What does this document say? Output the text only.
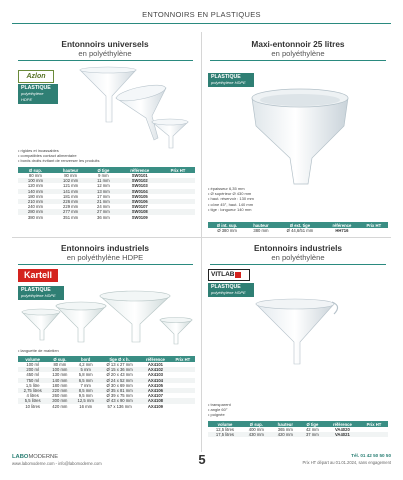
ENTONNOIRS EN PLASTIQUES
Entonnoirs universels
en polyéthylène
Azlon
PLASTIQUE
polyéthylène HDPE
• rigides et incassables
• compatibles contact alimentaire
• bords droits évitant de renverser les produits
Ø sup.	hauteur	Ø tige	référence	Prix HT
80 mm	80 mm	9 mm	SW0101	
100 mm	102 mm	11 mm	SW0102	
120 mm	121 mm	12 mm	SW0103	
140 mm	141 mm	13 mm	SW0104	
180 mm	181 mm	17 mm	SW0105	
210 mm	226 mm	21 mm	SW0106	
240 mm	229 mm	24 mm	SW0107	
280 mm	277 mm	27 mm	SW0108	
380 mm	351 mm	36 mm	SW0109	
Maxi-entonnoir 25 litres
en polyéthylène
PLASTIQUE
polyéthylène HDPE
• épaisseur 6,35 mm
• Ø supérieur Ø 430 mm
• haut. réservoir : 130 mm
• cône 45°, haut. 140 mm
• tige : longueur 140 mm
Ø int. sup.	hauteur	Ø ext. tige	référence	Prix HT
Ø 380 mm	380 mm	Ø 44,6/51 mm	HH716	
Entonnoirs industriels
en polyéthylène HDPE
Kartell
PLASTIQUE
polyéthylène HDPE
• languette de maintien
volume	Ø sup.	bord	tige Ø x h.	référence	Prix HT
100 ml	80 mm	4,2 mm	Ø 13 x 27 mm	AX4101	
200 ml	100 mm	5 mm	Ø 15 x 36 mm	AX4102	
450 ml	130 mm	5,8 mm	Ø 20 x 43 mm	AX4103	
750 ml	140 mm	6,5 mm	Ø 24 x 52 mm	AX4104	
1,5 litre	180 mm	7 mm	Ø 30 x 69 mm	AX4105	
2,75 litres	220 mm	8,5 mm	Ø 35 x 81 mm	AX4106	
4 litres	260 mm	9,5 mm	Ø 39 x 75 mm	AX4107	
5,5 litres	300 mm	12,5 mm	Ø 43 x 90 mm	AX4108	
10 litres	420 mm	16 mm	57 x 136 mm	AX4109	
Entonnoirs industriels
en polyéthylène
VITLAB
PLASTIQUE
polyéthylène HDPE
• transparent
• angle 60°
• poignée
volume	Ø sup.	hauteur	Ø tige	référence	Prix HT
12,5 litres	400 mm	365 mm	42 mm	VA4020	
17,5 litres	430 mm	420 mm	37 mm	VA4021	
LABOMODERNE
www.labomoderne.com - info@labomoderne.com	5	Tél. 01 42 50 50 50
Prix HT départ au 01.01.2024, sans engagement
